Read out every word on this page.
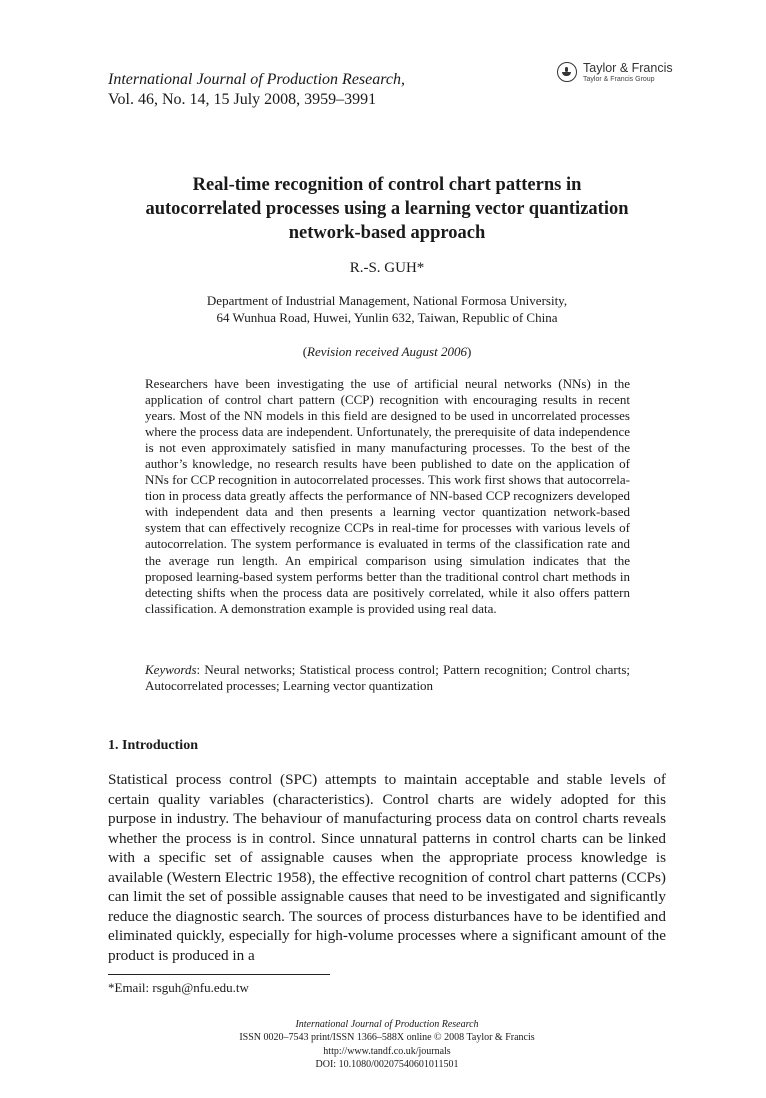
International Journal of Production Research,
Vol. 46, No. 14, 15 July 2008, 3959–3991
Taylor & Francis
Taylor & Francis Group
Real-time recognition of control chart patterns in
autocorrelated processes using a learning vector quantization
network-based approach
R.-S. GUH*
Department of Industrial Management, National Formosa University,
64 Wunhua Road, Huwei, Yunlin 632, Taiwan, Republic of China
(Revision received August 2006)
Researchers have been investigating the use of artificial neural networks (NNs) in the application of control chart pattern (CCP) recognition with encouraging results in recent years. Most of the NN models in this field are designed to be used in uncorrelated processes where the process data are independent. Unfortunately, the prerequisite of data independence is not even approximately satisfied in many manufacturing processes. To the best of the author’s knowledge, no research results have been published to date on the application of NNs for CCP recognition in autocorrelated processes. This work first shows that autocorrela-tion in process data greatly affects the performance of NN-based CCP recognizers developed with independent data and then presents a learning vector quantization network-based system that can effectively recognize CCPs in real-time for processes with various levels of autocorrelation. The system performance is evaluated in terms of the classification rate and the average run length. An empirical comparison using simulation indicates that the proposed learning-based system performs better than the traditional control chart methods in detecting shifts when the process data are positively correlated, while it also offers pattern classification. A demonstration example is provided using real data.
Keywords: Neural networks; Statistical process control; Pattern recognition; Control charts; Autocorrelated processes; Learning vector quantization
1. Introduction
Statistical process control (SPC) attempts to maintain acceptable and stable levels of certain quality variables (characteristics). Control charts are widely adopted for this purpose in industry. The behaviour of manufacturing process data on control charts reveals whether the process is in control. Since unnatural patterns in control charts can be linked with a specific set of assignable causes when the appropriate process knowledge is available (Western Electric 1958), the effective recognition of control chart patterns (CCPs) can limit the set of possible assignable causes that need to be investigated and significantly reduce the diagnostic search. The sources of process disturbances have to be identified and eliminated quickly, especially for high-volume processes where a significant amount of the product is produced in a
*Email: rsguh@nfu.edu.tw
International Journal of Production Research
ISSN 0020–7543 print/ISSN 1366–588X online © 2008 Taylor & Francis
http://www.tandf.co.uk/journals
DOI: 10.1080/00207540601011501
